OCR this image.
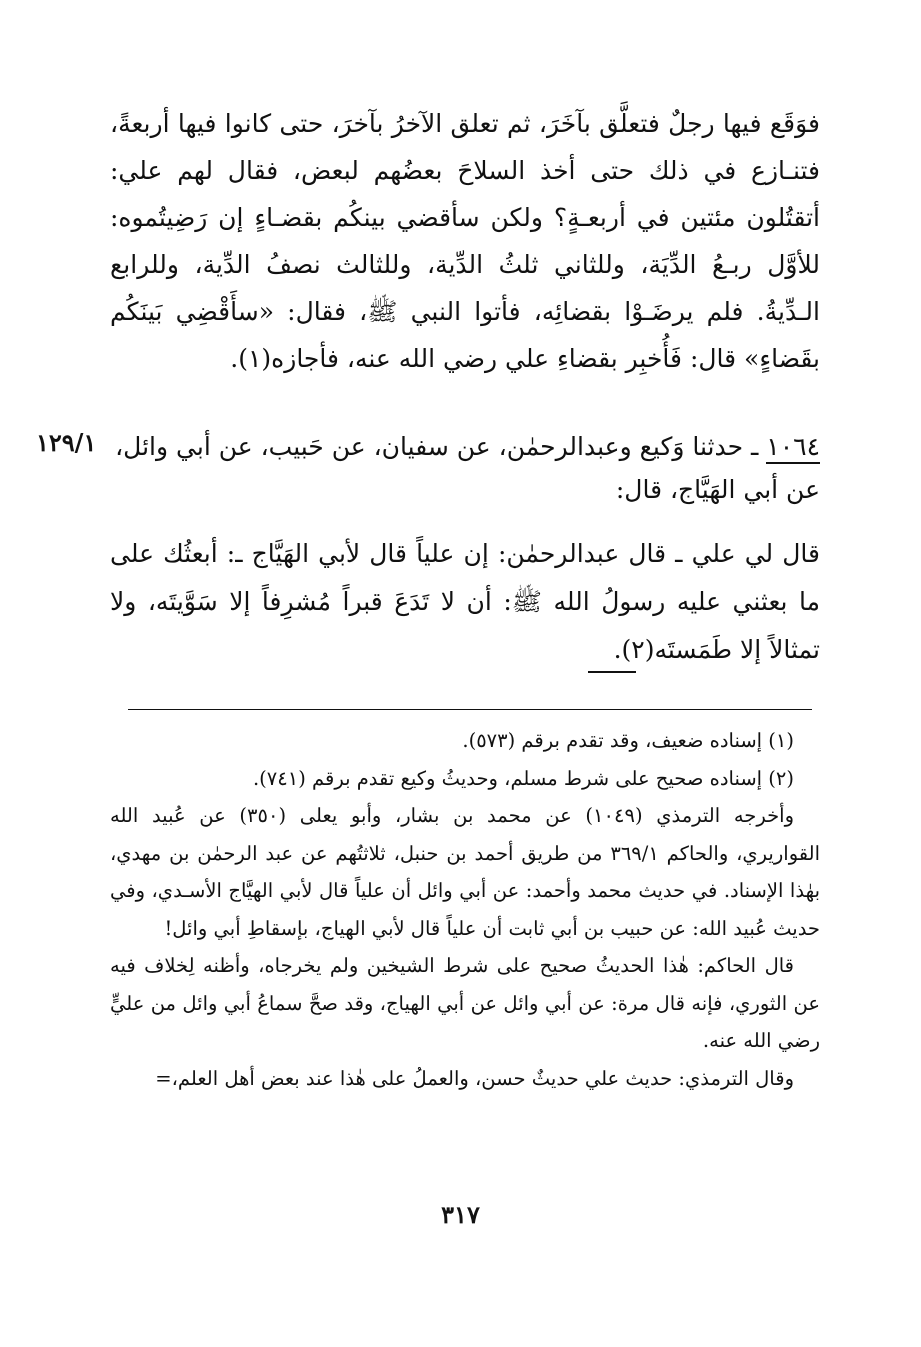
فوَقَع فيها رجلٌ فتعلَّق بآخَرَ، ثم تعلق الآخرُ بآخرَ، حتى كانوا فيها أربعةً، فتنـازع في ذلك حتى أخذ السلاحَ بعضُهم لبعض، فقال لهم علي: أتقتُلون مئتين في أربعـةٍ؟ ولكن سأقضي بينكُم بقضـاءٍ إن رَضِيتُموه: للأوَّل ربـعُ الدِّيَة، وللثاني ثلثُ الدِّية، وللثالث نصفُ الدِّية، وللرابع الـدِّيةُ. فلم يرضَـوْا بقضائِه، فأتوا النبي ﷺ، فقال: «سأَقْضِي بَينَكُم بقَضاءٍ» قال: فَأُخبِر بقضاءِ علي رضي الله عنه، فأجازه(١).

١٢٩/١	١٠٦٤ ـ حدثنا وَكيع وعبدالرحمٰن، عن سفيان، عن حَبيب، عن أبي وائل، عن أبي الهَيَّاج، قال:

قال لي علي ـ قال عبدالرحمٰن: إن علياً قال لأبي الهَيَّاج ـ: أبعثُك على ما بعثني عليه رسولُ الله ﷺ: أن لا تَدَعَ قبراً مُشرِفاً إلا سَوَّيتَه، ولا تمثالاً إلا طَمَستَه(٢).

(١) إسناده ضعيف، وقد تقدم برقم (٥٧٣).

(٢) إسناده صحيح على شرط مسلم، وحديثُ وكيع تقدم برقم (٧٤١).

وأخرجه الترمذي (١٠٤٩) عن محمد بن بشار، وأبو يعلى (٣٥٠) عن عُبيد الله القواريري، والحاكم ٣٦٩/١ من طريق أحمد بن حنبل، ثلاثتُهم عن عبد الرحمٰن بن مهدي، بهٰذا الإسناد. في حديث محمد وأحمد: عن أبي وائل أن علياً قال لأبي الهيَّاج الأسـدي، وفي حديث عُبيد الله: عن حبيب بن أبي ثابت أن علياً قال لأبي الهياج، بإسقاطِ أبي وائل!

قال الحاكم: هٰذا الحديثُ صحيح على شرط الشيخين ولم يخرجاه، وأظنه لِخلاف فيه عن الثوري، فإنه قال مرة: عن أبي وائل عن أبي الهياج، وقد صحَّ سماعُ أبي وائل من عليٍّ رضي الله عنه.

وقال الترمذي: حديث علي حديثٌ حسن، والعملُ على هٰذا عند بعض أهل العلم،=

٣١٧
